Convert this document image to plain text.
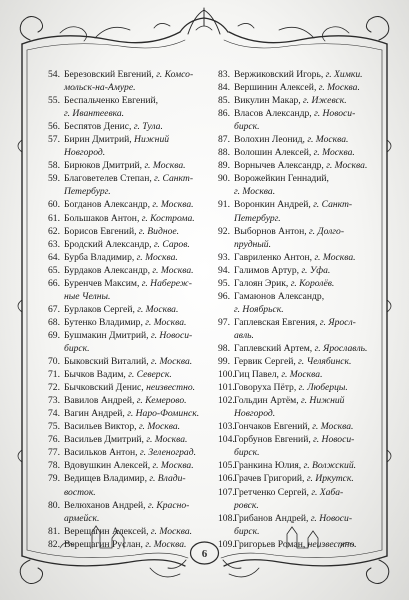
54. Березовский Евгений, г. Комсо-
мольск-на-Амуре.
55. Беспальченко Евгений,
г. Ивантеевка.
56. Беспятов Денис, г. Тула.
57. Бирин Дмитрий, Нижний
Новгород.
58. Бирюков Дмитрий, г. Москва.
59. Благоветелев Степан, г. Санкт-
Петербург.
60. Богданов Александр, г. Москва.
61. Большаков Антон, г. Кострома.
62. Борисов Евгений, г. Видное.
63. Бродский Александр, г. Саров.
64. Бурба Владимир, г. Москва.
65. Бурдаков Александр, г. Москва.
66. Буренчев Максим, г. Набереж-
ные Челны.
67. Бурлаков Сергей, г. Москва.
68. Бутенко Владимир, г. Москва.
69. Бушмакин Дмитрий, г. Новоси-
бирск.
70. Быковский Виталий, г. Москва.
71. Бычков Вадим, г. Северск.
72. Бычковский Денис, неизвестно.
73. Вавилов Андрей, г. Кемерово.
74. Вагин Андрей, г. Наро-Фоминск.
75. Васильев Виктор, г. Москва.
76. Васильев Дмитрий, г. Москва.
77. Васильков Антон, г. Зеленоград.
78. Вдовушкин Алексей, г. Москва.
79. Ведищев Владимир, г. Влади-
восток.
80. Велюханов Андрей, г. Красно-
армейск.
81. Верещагин Алексей, г. Москва.
82. Верещагин Руслан, г. Москва.
83. Вержиковский Игорь, г. Химки.
84. Вершинин Алексей, г. Москва.
85. Викулин Макар, г. Ижевск.
86. Власов Александр, г. Новоси-
бирск.
87. Волохин Леонид, г. Москва.
88. Волошин Алексей, г. Москва.
89. Ворнычев Александр, г. Москва.
90. Ворожейкин Геннадий,
г. Москва.
91. Воронкин Андрей, г. Санкт-
Петербург.
92. Выборнов Антон, г. Долго-
прудный.
93. Гавриленко Антон, г. Москва.
94. Галимов Артур, г. Уфа.
95. Галоян Эрик, г. Королёв.
96. Гамаюнов Александр,
г. Ноябрьск.
97. Гаплевская Евгения, г. Яросл-
авль.
98. Гаплевский Артем, г. Ярославль.
99. Гервик Сергей, г. Челябинск.
100. Гиц Павел, г. Москва.
101. Говоруха Пётр, г. Люберцы.
102. Гольдин Артём, г. Нижний
Новгород.
103. Гончаков Евгений, г. Москва.
104. Горбунов Евгений, г. Новоси-
бирск.
105. Гранкина Юлия, г. Волжский.
106. Грачев Григорий, г. Иркутск.
107. Гретченко Сергей, г. Хаба-
ровск.
108. Грибанов Андрей, г. Новоси-
бирск.
109. Григорьев Роман, неизвестно.
6
